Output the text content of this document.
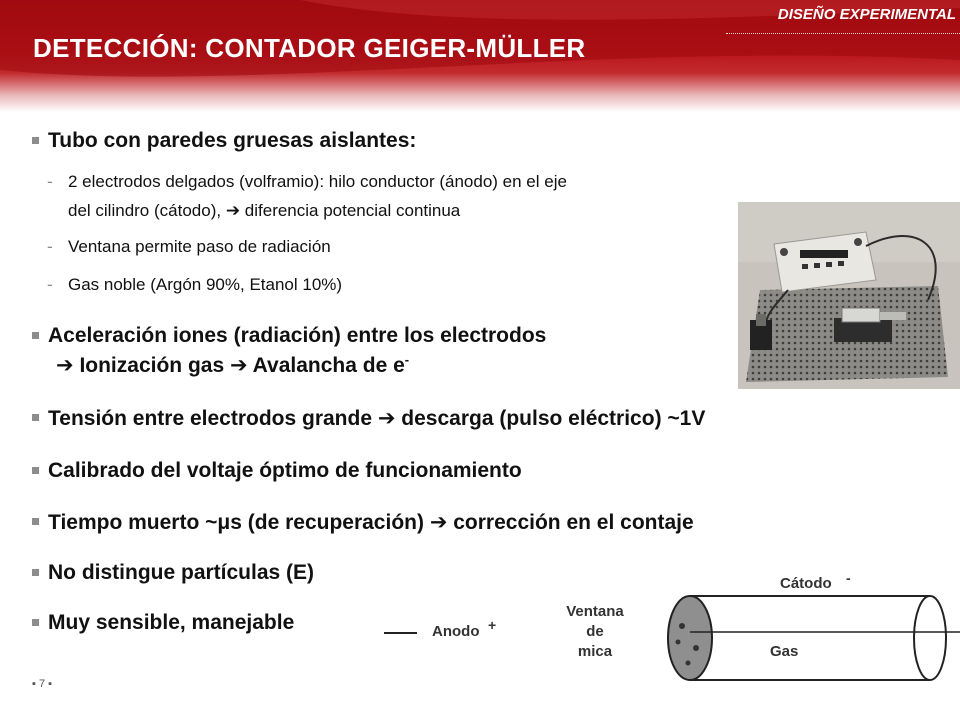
DISEÑO EXPERIMENTAL
DETECCIÓN: CONTADOR GEIGER-MÜLLER
Tubo con paredes gruesas aislantes:
- 2 electrodos delgados (volframio): hilo conductor (ánodo) en el eje
del cilindro (cátodo), ➔ diferencia potencial continua
- Ventana permite paso de radiación
- Gas noble (Argón 90%, Etanol 10%)
Aceleración iones (radiación) entre los electrodos
➔ Ionización gas ➔ Avalancha de e-
Tensión entre electrodos grande ➔ descarga (pulso eléctrico) ~1V
Calibrado del voltaje óptimo de funcionamiento
Tiempo muerto ~μs (de recuperación) ➔ corrección en el contaje
No distingue partículas (E)
Muy sensible, manejable	Anodo +
Ventana
de
mica
Cátodo -
Gas
▪ 7 ▪
